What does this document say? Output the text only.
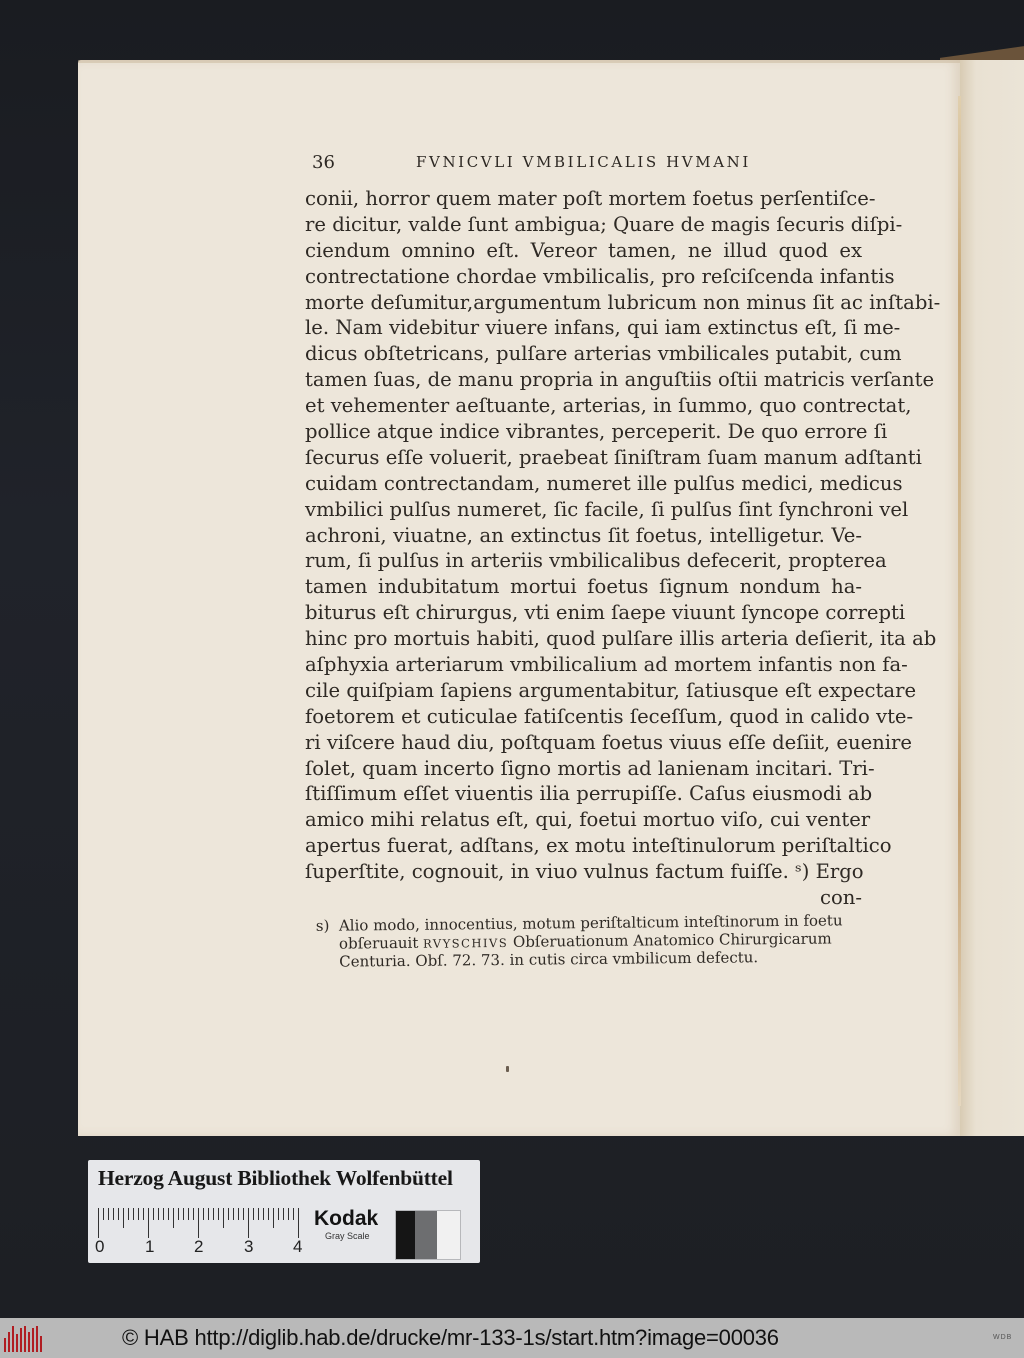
36	FVNICVLI VMBILICALIS HVMANI
conii, horror quem mater poſt mortem foetus perſentiſce-
re dicitur, valde ſunt ambigua; Quare de magis ſecuris diſpi-
ciendum omnino eſt. Vereor tamen, ne illud quod ex
contrectatione chordae vmbilicalis, pro reſciſcenda infantis
morte deſumitur,argumentum lubricum non minus ſit ac inſtabi-
le. Nam videbitur viuere infans, qui iam extinctus eſt, ſi me-
dicus obſtetricans, pulſare arterias vmbilicales putabit, cum
tamen ſuas, de manu propria in anguſtiis oſtii matricis verſante
et vehementer aeſtuante, arterias, in ſummo, quo contrectat,
pollice atque indice vibrantes, perceperit. De quo errore ſi
ſecurus eſſe voluerit, praebeat ſiniſtram ſuam manum adſtanti
cuidam contrectandam, numeret ille pulſus medici, medicus
vmbilici pulſus numeret, ſic facile, ſi pulſus ſint ſynchroni vel
achroni, viuatne, an extinctus ſit foetus, intelligetur. Ve-
rum, ſi pulſus in arteriis vmbilicalibus defecerit, propterea
tamen indubitatum mortui foetus ſignum nondum ha-
biturus eſt chirurgus, vti enim ſaepe viuunt ſyncope correpti
hinc pro mortuis habiti, quod pulſare illis arteria deſierit, ita ab
aſphyxia arteriarum vmbilicalium ad mortem infantis non fa-
cile quiſpiam ſapiens argumentabitur, ſatiusque eſt expectare
foetorem et cuticulae fatiſcentis ſeceſſum, quod in calido vte-
ri viſcere haud diu, poſtquam foetus viuus eſſe deſiit, euenire
ſolet, quam incerto ſigno mortis ad lanienam incitari. Tri-
ſtiſſimum eſſet viuentis ilia perrupiſſe. Caſus eiusmodi ab
amico mihi relatus eſt, qui, foetui mortuo viſo, cui venter
apertus fuerat, adſtans, ex motu inteſtinulorum periſtaltico
ſuperſtite, cognouit, in viuo vulnus factum fuiſſe. ˢ) Ergo
con-
s) Alio modo, innocentius, motum periſtalticum inteſtinorum in foetu
obſeruauit RVYSCHIVS Obſeruationum Anatomico Chirurgicarum
Centuria. Obſ. 72. 73. in cutis circa vmbilicum defectu.
Herzog August Bibliothek Wolfenbüttel
0 1 2 3 4
Kodak
Gray Scale
© HAB http://diglib.hab.de/drucke/mr-133-1s/start.htm?image=00036	WDB
